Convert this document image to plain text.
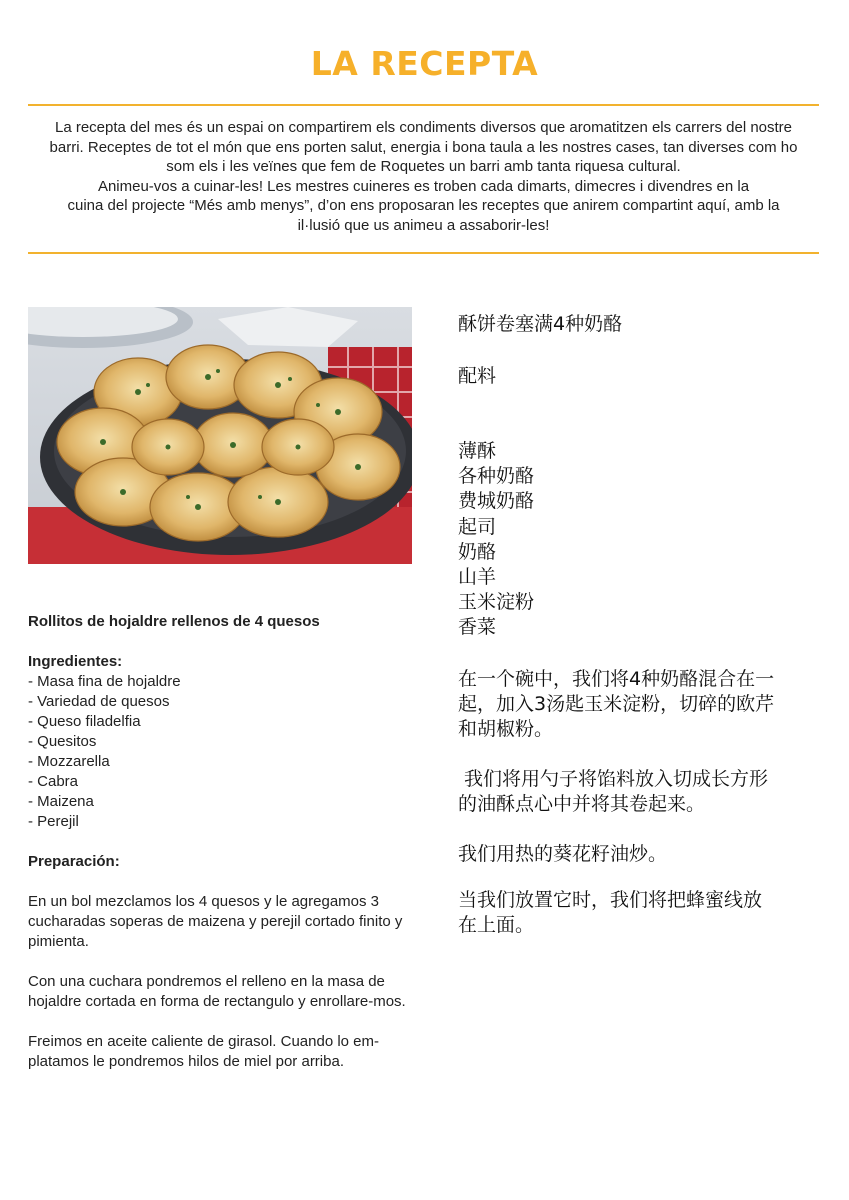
LA RECEPTA

La recepta del mes és un espai on compartirem els condiments diversos que aromatitzen els carrers del nostre

barri. Receptes de tot el món que ens porten salut, energia i bona taula a les nostres cases, tan diverses com ho

som els i les veïnes que fem de Roquetes un barri amb tanta riquesa cultural.

Animeu-vos a cuinar-les! Les mestres cuineres es troben cada dimarts, dimecres i divendres en la

cuina del projecte “Més amb menys”, d’on ens proposaran les receptes que anirem compartint aquí, amb la

il·lusió que us animeu a assaborir-les!

Rollitos de hojaldre rellenos de 4 quesos

Ingredientes:

- Masa fina de hojaldre
- Variedad de quesos
- Queso filadelfia
- Quesitos
- Mozzarella
- Cabra
- Maizena
- Perejil

Preparación:

En un bol mezclamos los 4 quesos y le agregamos 3 cucharadas soperas de maizena y perejil cortado finito y pimienta.

Con una cuchara pondremos el relleno en la masa de hojaldre cortada en forma de rectangulo y enrollare-mos.

Freimos en aceite caliente de girasol. Cuando lo em-platamos le pondremos hilos de miel por arriba.

酥饼卷塞满4种奶酪

配料

薄酥
各种奶酪
费城奶酪
起司
奶酪
山羊
玉米淀粉
香菜

在一个碗中，我们将4种奶酪混合在一

起，加入3汤匙玉米淀粉，切碎的欧芹

和胡椒粉。

我们将用勺子将馅料放入切成长方形

的油酥点心中并将其卷起来。

我们用热的葵花籽油炒。

当我们放置它时，我们将把蜂蜜线放

在上面。
